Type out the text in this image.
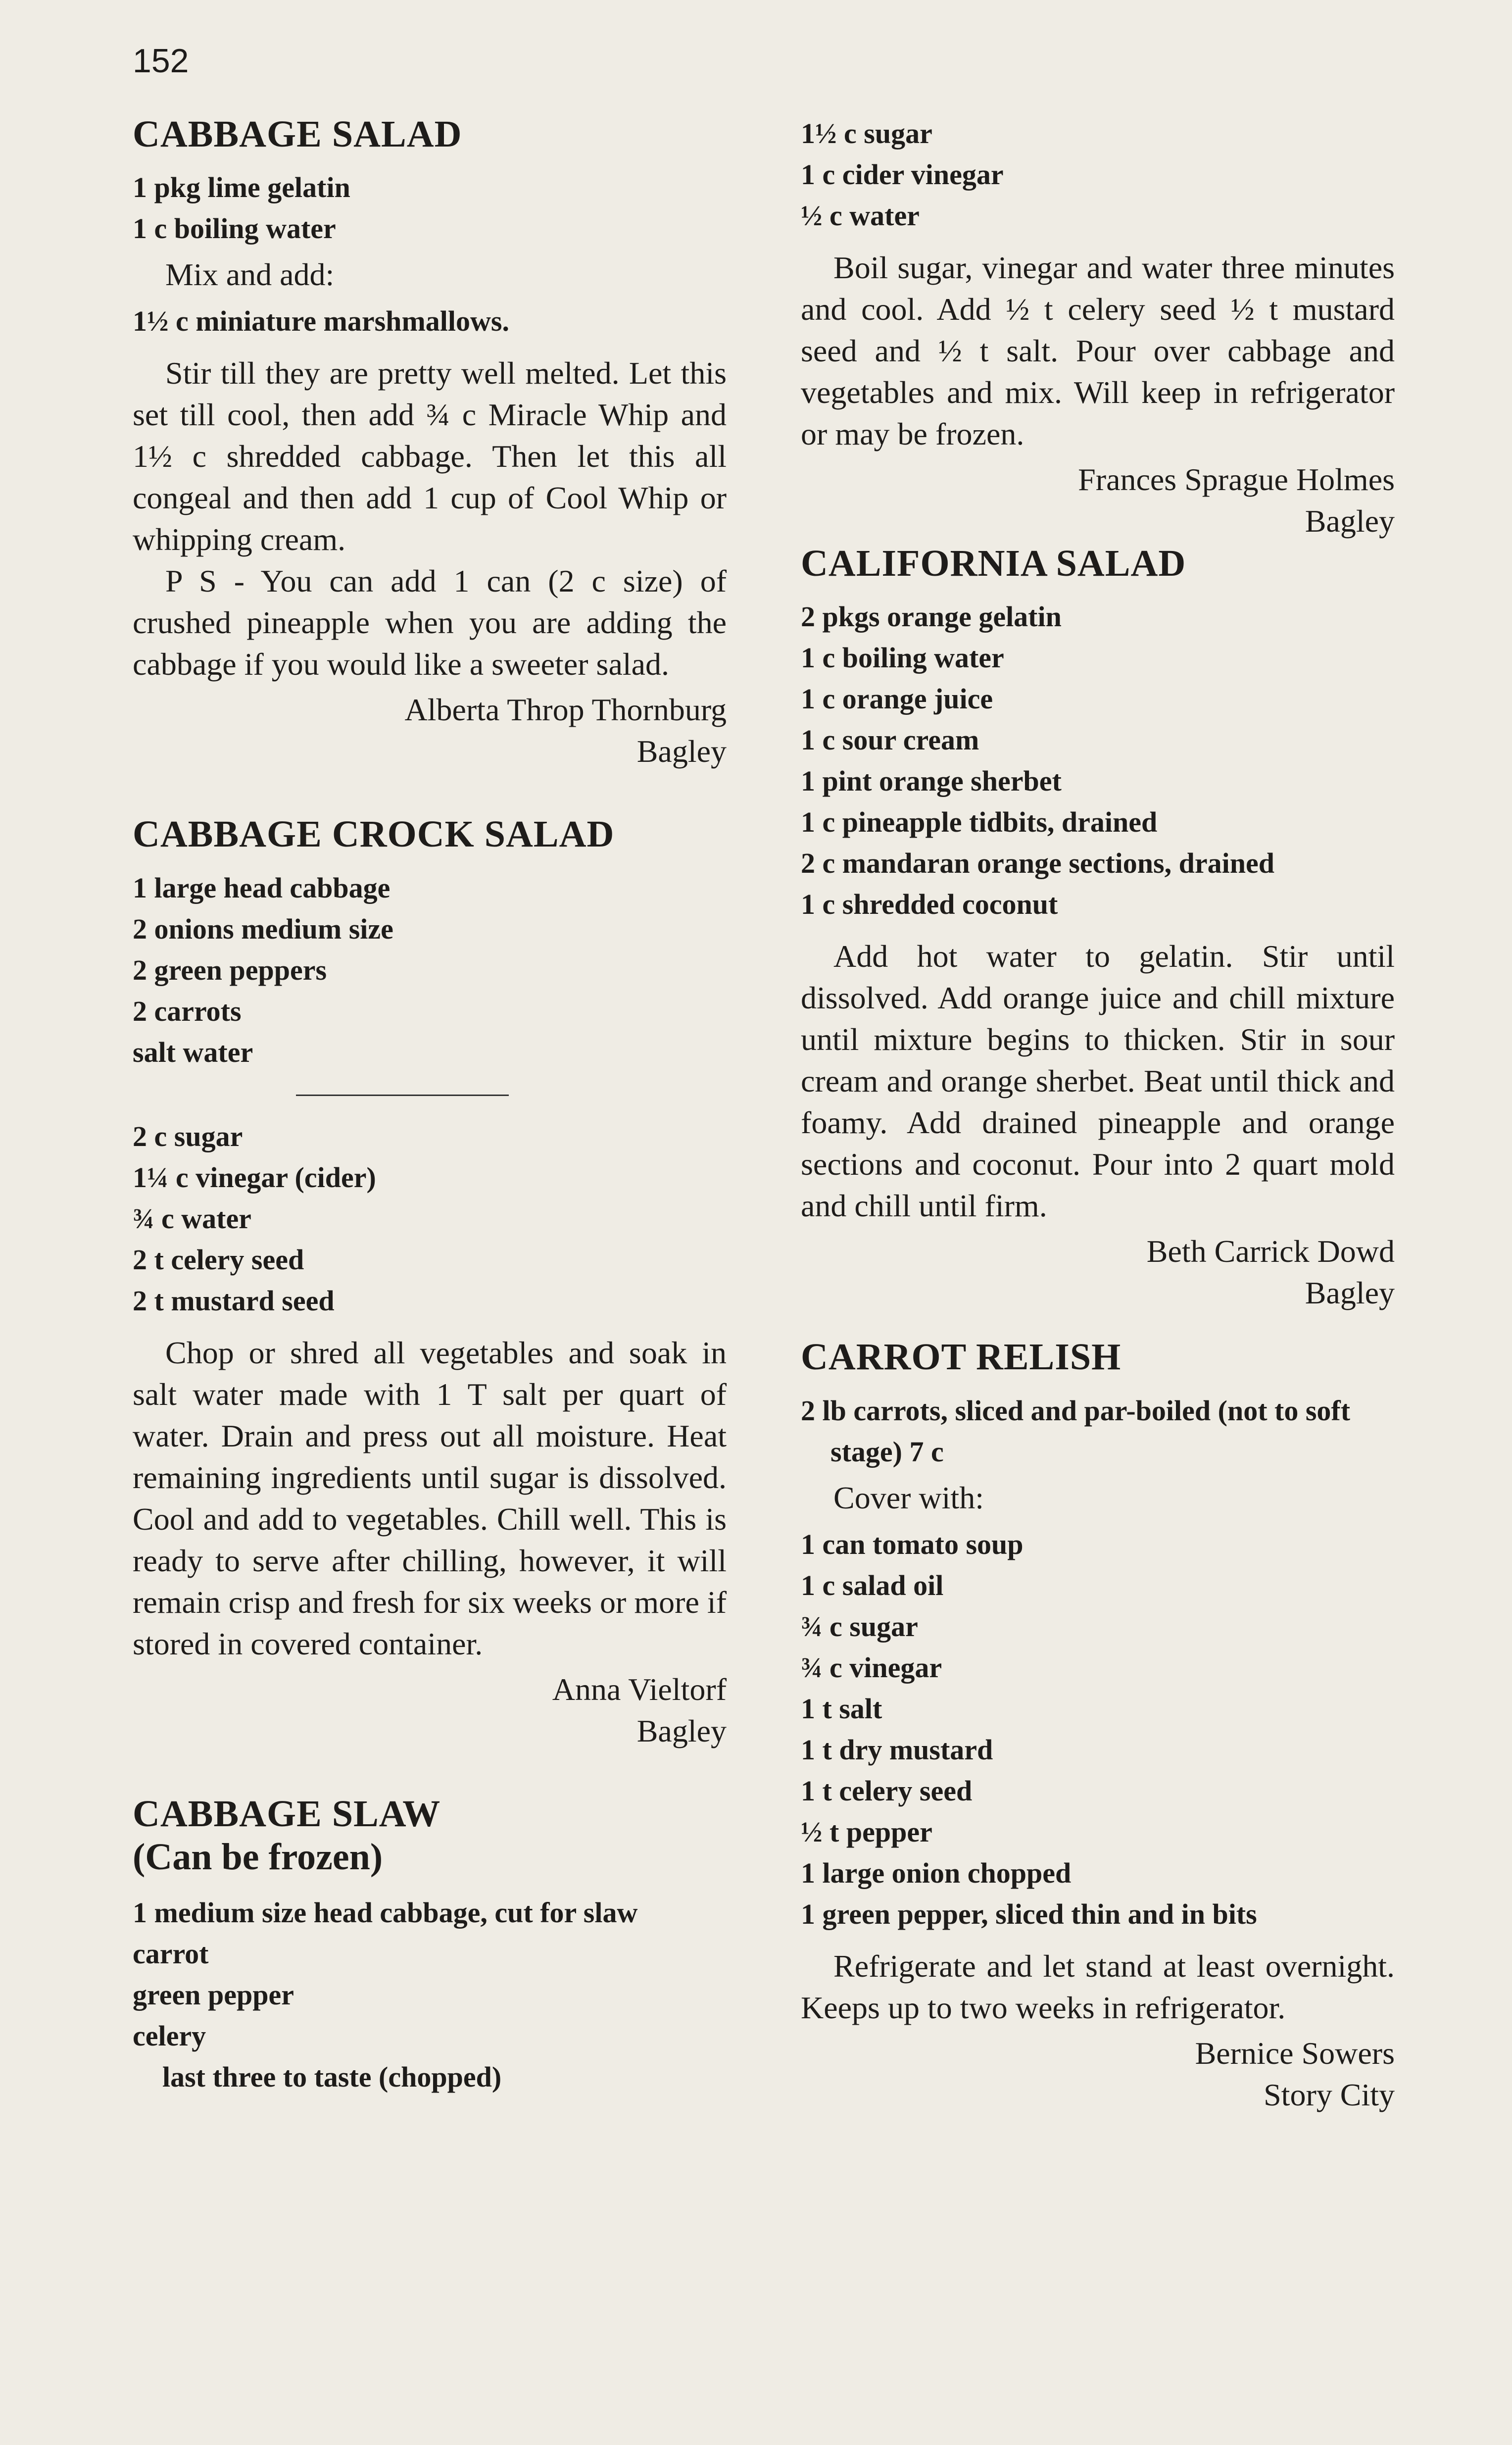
152
CABBAGE SALAD
1 pkg lime gelatin
1 c boiling water

Mix and add:

1½ c miniature marshmallows.

Stir till they are pretty well melted. Let this set till cool, then add ¾ c Miracle Whip and 1½ c shredded cabbage. Then let this all congeal and then add 1 cup of Cool Whip or whipping cream.

P S - You can add 1 can (2 c size) of crushed pineapple when you are adding the cabbage if you would like a sweeter salad.

Alberta Throp Thornburg
Bagley
CABBAGE CROCK SALAD
1 large head cabbage
2 onions medium size
2 green peppers
2 carrots
salt water
2 c sugar
1¼ c vinegar (cider)
¾ c water
2 t celery seed
2 t mustard seed

Chop or shred all vegetables and soak in salt water made with 1 T salt per quart of water. Drain and press out all moisture. Heat remaining ingredients until sugar is dissolved. Cool and add to vegetables. Chill well. This is ready to serve after chilling, however, it will remain crisp and fresh for six weeks or more if stored in covered container.

Anna Vieltorf
Bagley
CABBAGE SLAW
(Can be frozen)
1 medium size head cabbage, cut for slaw
carrot
green pepper
celery
last three to taste (chopped)
1½ c sugar
1 c cider vinegar
½ c water

Boil sugar, vinegar and water three minutes and cool. Add ½ t celery seed ½ t mustard seed and ½ t salt. Pour over cabbage and vegetables and mix. Will keep in refrigerator or may be frozen.

Frances Sprague Holmes
Bagley
CALIFORNIA SALAD
2 pkgs orange gelatin
1 c boiling water
1 c orange juice
1 c sour cream
1 pint orange sherbet
1 c pineapple tidbits, drained
2 c mandaran orange sections, drained
1 c shredded coconut

Add hot water to gelatin. Stir until dissolved. Add orange juice and chill mixture until mixture begins to thicken. Stir in sour cream and orange sherbet. Beat until thick and foamy. Add drained pineapple and orange sections and coconut. Pour into 2 quart mold and chill until firm.

Beth Carrick Dowd
Bagley
CARROT RELISH
2 lb carrots, sliced and par-boiled (not to soft stage) 7 c

Cover with:

1 can tomato soup
1 c salad oil
¾ c sugar
¾ c vinegar
1 t salt
1 t dry mustard
1 t celery seed
½ t pepper
1 large onion chopped
1 green pepper, sliced thin and in bits

Refrigerate and let stand at least overnight. Keeps up to two weeks in refrigerator.

Bernice Sowers
Story City
